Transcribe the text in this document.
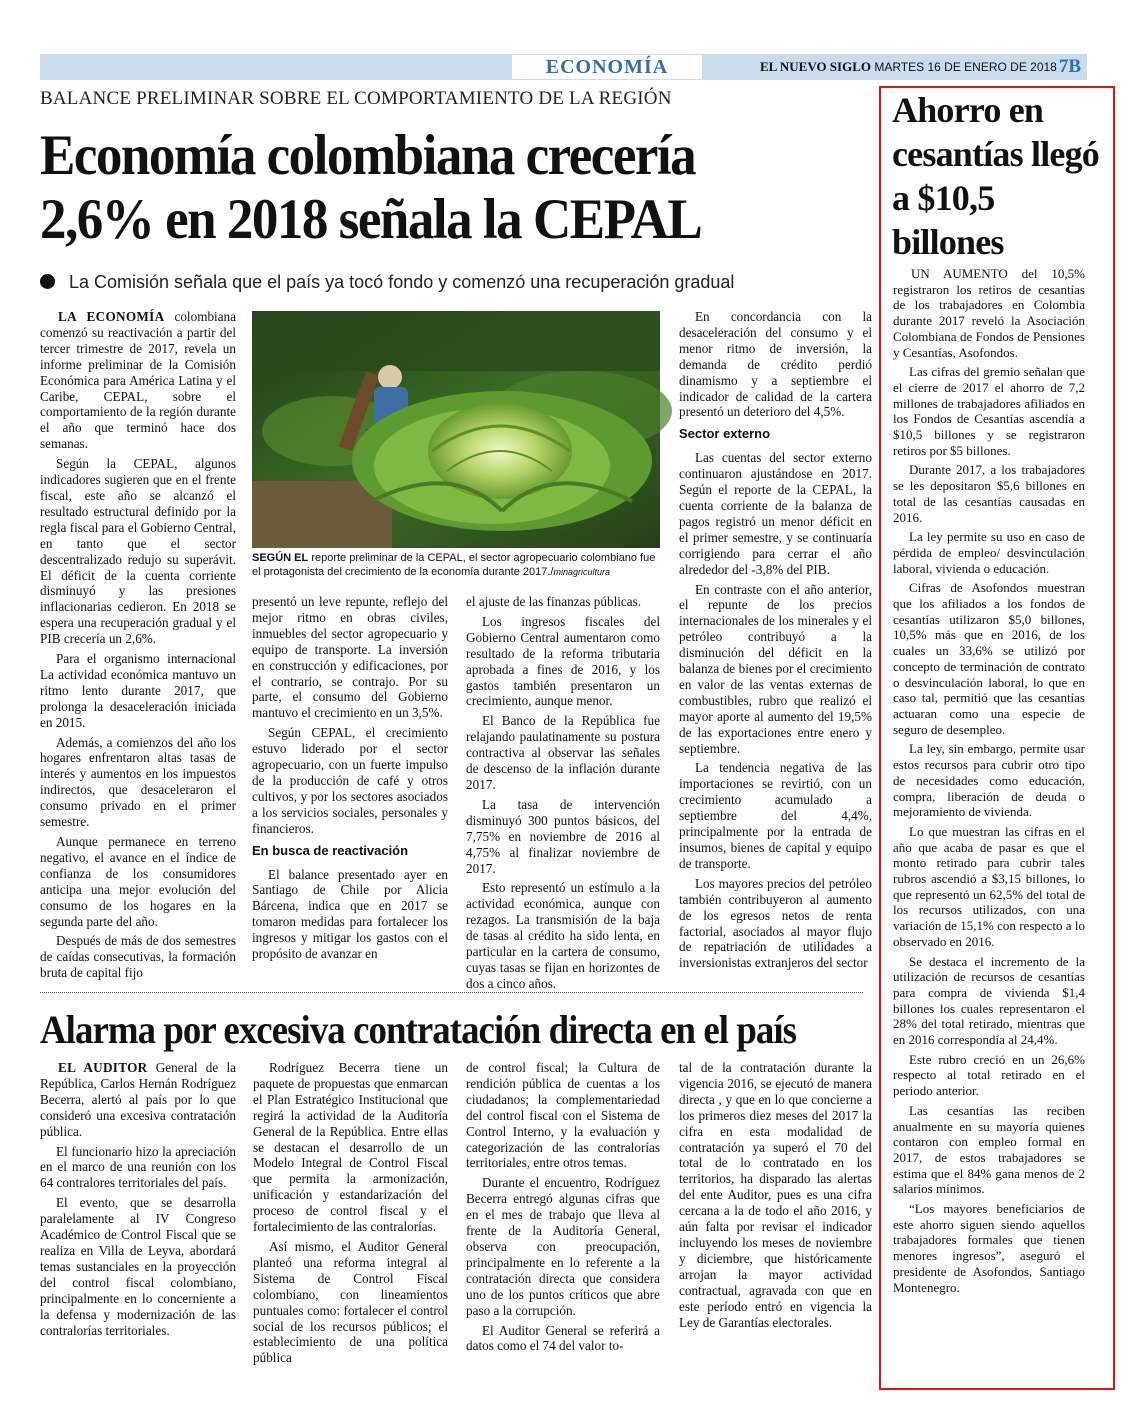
ECONOMÍA	EL NUEVO SIGLO MARTES 16 DE ENERO DE 2018 7B
BALANCE PRELIMINAR SOBRE EL COMPORTAMIENTO DE LA REGIÓN
Economía colombiana crecería
2,6% en 2018 señala la CEPAL
La Comisión señala que el país ya tocó fondo y comenzó una recuperación gradual

LA ECONOMÍA colombiana comenzó su reactivación a partir del tercer trimestre de 2017, revela un informe preliminar de la Comisión Económica para América Latina y el Caribe, CEPAL, sobre el comportamiento de la región durante el año que terminó hace dos semanas.

Según la CEPAL, algunos indicadores sugieren que en el frente fiscal, este año se alcanzó el resultado estructural definido por la regla fiscal para el Gobierno Central, en tanto que el sector descentralizado redujo su superávit. El déficit de la cuenta corriente disminuyó y las presiones inflacionarias cedieron. En 2018 se espera una recuperación gradual y el PIB crecería un 2,6%.

Para el organismo internacional La actividad económica mantuvo un ritmo lento durante 2017, que prolonga la desaceleración iniciada en 2015.

Además, a comienzos del año los hogares enfrentaron altas tasas de interés y aumentos en los impuestos indirectos, que desaceleraron el consumo privado en el primer semestre.

Aunque permanece en terreno negativo, el avance en el índice de confianza de los consumidores anticipa una mejor evolución del consumo de los hogares en la segunda parte del año.

Después de más de dos semestres de caídas consecutivas, la formación bruta de capital fijo

SEGÚN EL reporte preliminar de la CEPAL, el sector agropecuario colombiano fue el protagonista del crecimiento de la economía durante 2017./minagricultura

presentó un leve repunte, reflejo del mejor ritmo en obras civiles, inmuebles del sector agropecuario y equipo de transporte. La inversión en construcción y edificaciones, por el contrario, se contrajo. Por su parte, el consumo del Gobierno mantuvo el crecimiento en un 3,5%.

Según CEPAL, el crecimiento estuvo liderado por el sector agropecuario, con un fuerte impulso de la producción de café y otros cultivos, y por los sectores asociados a los servicios sociales, personales y financieros.

En busca de reactivación

El balance presentado ayer en Santiago de Chile por Alicia Bárcena, indica que en 2017 se tomaron medidas para fortalecer los ingresos y mitigar los gastos con el propósito de avanzar en

el ajuste de las finanzas públicas.

Los ingresos fiscales del Gobierno Central aumentaron como resultado de la reforma tributaria aprobada a fines de 2016, y los gastos también presentaron un crecimiento, aunque menor.

El Banco de la República fue relajando paulatinamente su postura contractiva al observar las señales de descenso de la inflación durante 2017.

La tasa de intervención disminuyó 300 puntos básicos, del 7,75% en noviembre de 2016 al 4,75% al finalizar noviembre de 2017.

Esto representó un estímulo a la actividad económica, aunque con rezagos. La transmisión de la baja de tasas al crédito ha sido lenta, en particular en la cartera de consumo, cuyas tasas se fijan en horizontes de dos a cinco años.

En concordancia con la desaceleración del consumo y el menor ritmo de inversión, la demanda de crédito perdió dinamismo y a septiembre el indicador de calidad de la cartera presentó un deterioro del 4,5%.

Sector externo

Las cuentas del sector externo continuaron ajustándose en 2017. Según el reporte de la CEPAL, la cuenta corriente de la balanza de pagos registró un menor déficit en el primer semestre, y se continuaría corrigiendo para cerrar el año alrededor del -3,8% del PIB.

En contraste con el año anterior, el repunte de los precios internacionales de los minerales y el petróleo contribuyó a la disminución del déficit en la balanza de bienes por el crecimiento en valor de las ventas externas de combustibles, rubro que realizó el mayor aporte al aumento del 19,5% de las exportaciones entre enero y septiembre.

La tendencia negativa de las importaciones se revirtió, con un crecimiento acumulado a septiembre del 4,4%, principalmente por la entrada de insumos, bienes de capital y equipo de transporte.

Los mayores precios del petróleo también contribuyeron al aumento de los egresos netos de renta factorial, asociados al mayor flujo de repatriación de utilidades a inversionistas extranjeros del sector

Alarma por excesiva contratación directa en el país

EL AUDITOR General de la República, Carlos Hernán Rodríguez Becerra, alertó al país por lo que consideró una excesiva contratación pública.

El funcionario hizo la apreciación en el marco de una reunión con los 64 contralores territoriales del país.

El evento, que se desarrolla paralelamente al IV Congreso Académico de Control Fiscal que se realiza en Villa de Leyva, abordará temas sustanciales en la proyección del control fiscal colombiano, principalmente en lo concerniente a la defensa y modernización de las contralorías territoriales.

Rodríguez Becerra tiene un paquete de propuestas que enmarcan el Plan Estratégico Institucional que regirá la actividad de la Auditoría General de la República. Entre ellas se destacan el desarrollo de un Modelo Integral de Control Fiscal que permita la armonización, unificación y estandarización del proceso de control fiscal y el fortalecimiento de las contralorías.

Así mismo, el Auditor General planteó una reforma integral al Sistema de Control Fiscal colombiano, con lineamientos puntuales como: fortalecer el control social de los recursos públicos; el establecimiento de una política pública

de control fiscal; la Cultura de rendición pública de cuentas a los ciudadanos; la complementariedad del control fiscal con el Sistema de Control Interno, y la evaluación y categorización de las contralorías territoriales, entre otros temas.

Durante el encuentro, Rodríguez Becerra entregó algunas cifras que en el mes de trabajo que lleva al frente de la Auditoría General, observa con preocupación, principalmente en lo referente a la contratación directa que considera uno de los puntos críticos que abre paso a la corrupción.

El Auditor General se referirá a datos como el 74 del valor to-

tal de la contratación durante la vigencia 2016, se ejecutó de manera directa , y que en lo que concierne a los primeros diez meses del 2017 la cifra en esta modalidad de contratación ya superó el 70 del total de lo contratado en los territorios, ha disparado las alertas del ente Auditor, pues es una cifra cercana a la de todo el año 2016, y aún falta por revisar el indicador incluyendo los meses de noviembre y diciembre, que históricamente arrojan la mayor actividad contractual, agravada con que en este período entró en vigencia la Ley de Garantías electorales.

Ahorro en cesantías llegó a $10,5 billones

UN AUMENTO del 10,5% registraron los retiros de cesantías de los trabajadores en Colombia durante 2017 reveló la Asociación Colombiana de Fondos de Pensiones y Cesantías, Asofondos.

Las cifras del gremio señalan que el cierre de 2017 el ahorro de 7,2 millones de trabajadores afiliados en los Fondos de Cesantías ascendía a $10,5 billones y se registraron retiros por $5 billones.

Durante 2017, a los trabajadores se les depositaron $5,6 billones en total de las cesantías causadas en 2016.

La ley permite su uso en caso de pérdida de empleo/ desvinculación laboral, vivienda o educación.

Cifras de Asofondos muestran que los afiliados a los fondos de cesantías utilizaron $5,0 billones, 10,5% más que en 2016, de los cuales un 33,6% se utilizó por concepto de terminación de contrato o desvinculación laboral, lo que en caso tal, permitió que las cesantías actuaran como una especie de seguro de desempleo.

La ley, sin embargo, permite usar estos recursos para cubrir otro tipo de necesidades como educación, compra, liberación de deuda o mejoramiento de vivienda.

Lo que muestran las cifras en el año que acaba de pasar es que el monto retirado para cubrir tales rubros ascendió a $3,15 billones, lo que representó un 62,5% del total de los recursos utilizados, con una variación de 15,1% con respecto a lo observado en 2016.

Se destaca el incremento de la utilización de recursos de cesantías para compra de vivienda $1,4 billones los cuales representaron el 28% del total retirado, mientras que en 2016 correspondía al 24,4%.

Este rubro creció en un 26,6% respecto al total retirado en el periodo anterior.

Las cesantías las reciben anualmente en su mayoría quienes contaron con empleo formal en 2017, de estos trabajadores se estima que el 84% gana menos de 2 salarios mínimos.

“Los mayores beneficiarios de este ahorro siguen siendo aquellos trabajadores formales que tienen menores ingresos”, aseguró el presidente de Asofondos, Santiago Montenegro.
